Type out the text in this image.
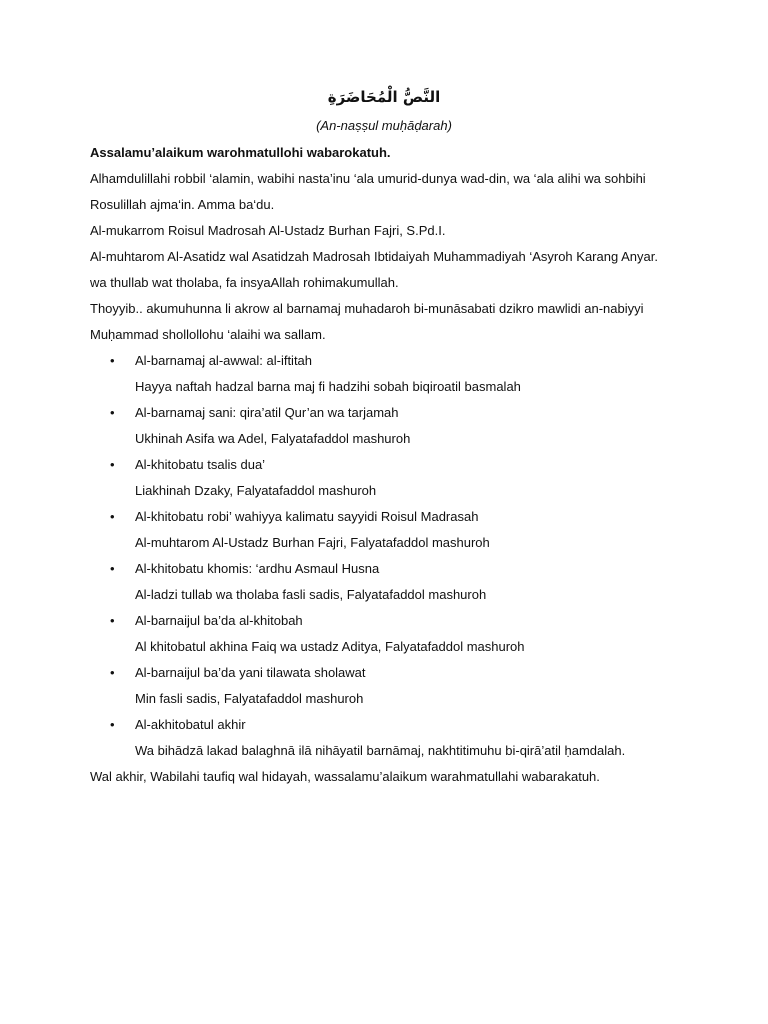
النَّصُّ الْمُحَاضَرَةِ
(An-naṣṣul muḥāḍarah)
Assalamu’alaikum warohmatullohi wabarokatuh.
Alhamdulillahi robbil ‘alamin, wabihi nasta’inu ‘ala umurid-dunya wad-din, wa ‘ala alihi wa sohbihi
Rosulillah ajma‘in. Amma ba‘du.
Al-mukarrom Roisul Madrosah Al-Ustadz Burhan Fajri, S.Pd.I.
Al-muhtarom Al-Asatidz wal Asatidzah Madrosah Ibtidaiyah Muhammadiyah ‘Asyroh Karang Anyar.
wa thullab wat tholaba, fa insyaAllah rohimakumullah.
Thoyyib.. akumuhunna li akrow al barnamaj muhadaroh bi-munāsabati dzikro mawlidi an-nabiyyi
Muḥammad shollollohu ‘alaihi wa sallam.
• Al-barnamaj al-awwal: al-iftitah
Hayya naftah hadzal barna maj fi hadzihi sobah biqiroatil basmalah
• Al-barnamaj sani: qira’atil Qur’an wa tarjamah
Ukhinah Asifa wa Adel, Falyatafaddol mashuroh
• Al-khitobatu tsalis dua’
Liakhinah Dzaky, Falyatafaddol mashuroh
• Al-khitobatu robi’ wahiyya kalimatu sayyidi Roisul Madrasah
Al-muhtarom Al-Ustadz Burhan Fajri, Falyatafaddol mashuroh
• Al-khitobatu khomis: ‘ardhu Asmaul Husna
Al-ladzi tullab wa tholaba fasli sadis, Falyatafaddol mashuroh
• Al-barnaijul ba’da al-khitobah
Al khitobatul akhina Faiq wa ustadz Aditya, Falyatafaddol mashuroh
• Al-barnaijul ba’da yani tilawata sholawat
Min fasli sadis, Falyatafaddol mashuroh
• Al-akhitobatul akhir
Wa bihādzā lakad balaghnā ilā nihāyatil barnāmaj, nakhtitimuhu bi-qirā’atil ḥamdalah.
Wal akhir, Wabilahi taufiq wal hidayah, wassalamu’alaikum warahmatullahi wabarakatuh.
